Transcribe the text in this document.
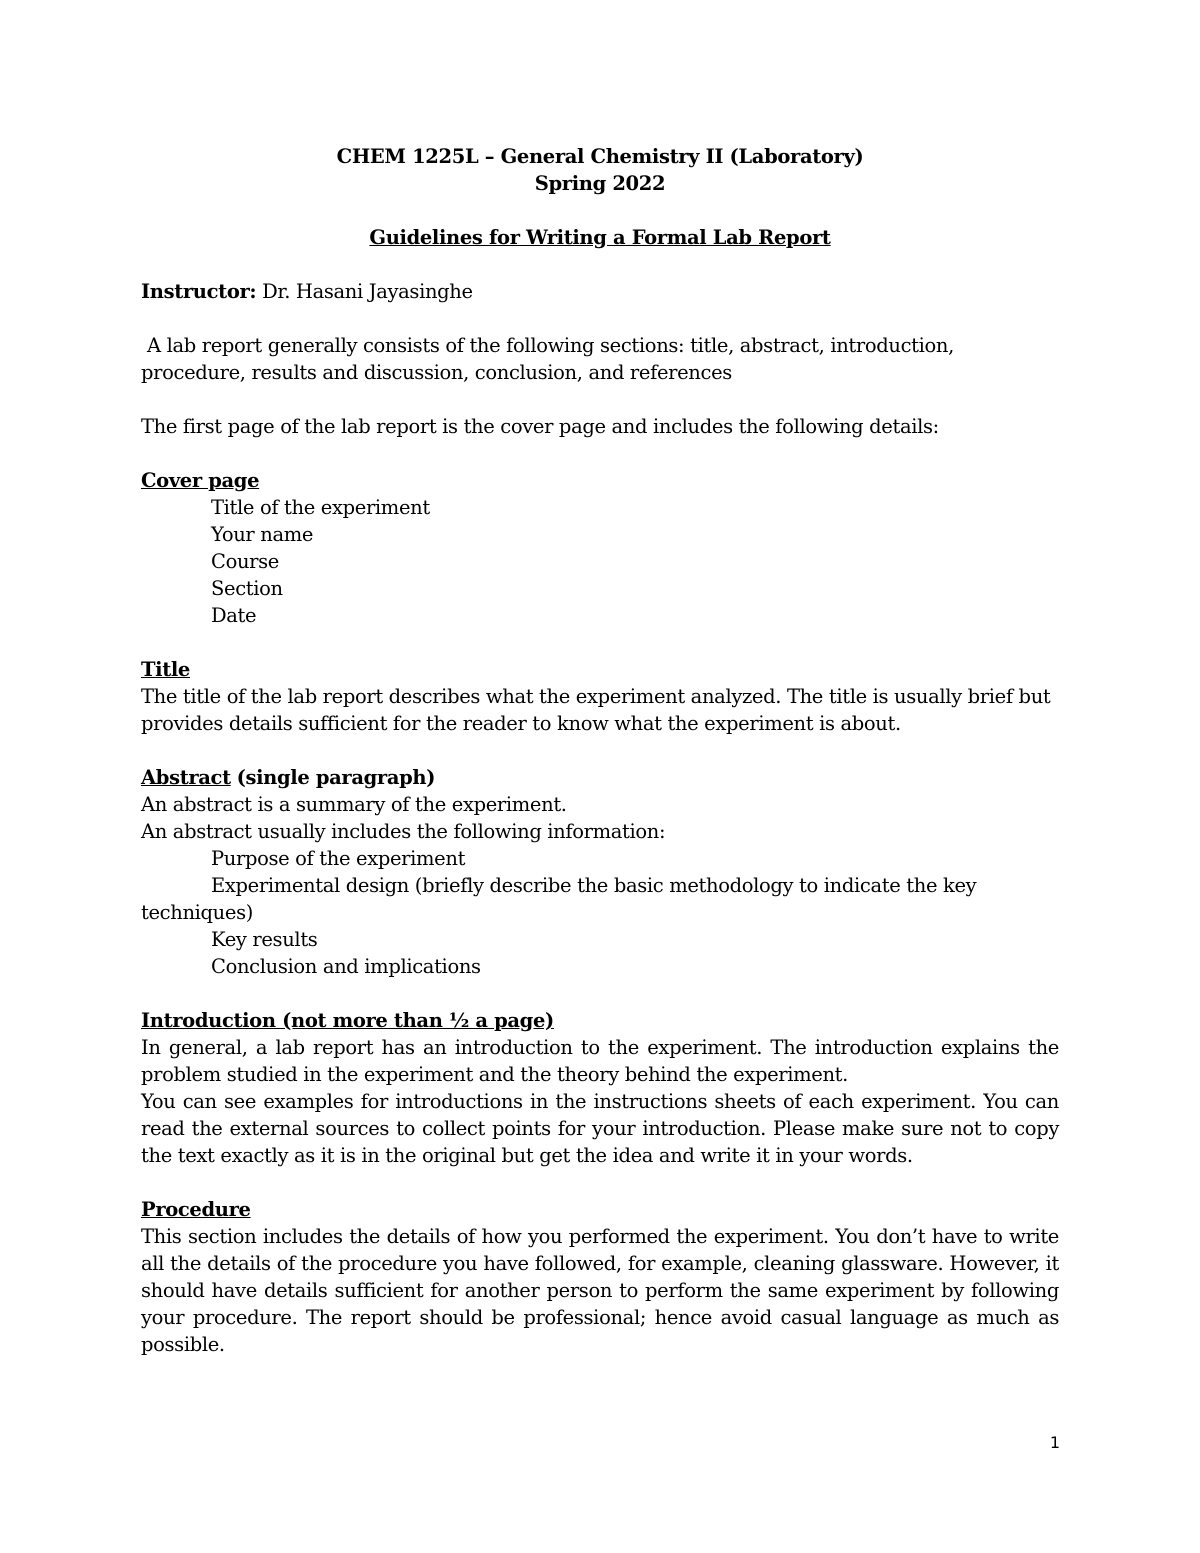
CHEM 1225L – General Chemistry II (Laboratory)
Spring 2022
Guidelines for Writing a Formal Lab Report
Instructor: Dr. Hasani Jayasinghe
A lab report generally consists of the following sections: title, abstract, introduction, procedure, results and discussion, conclusion, and references
The first page of the lab report is the cover page and includes the following details:
Cover page
Title of the experiment
Your name
Course
Section
Date
Title
The title of the lab report describes what the experiment analyzed. The title is usually brief but provides details sufficient for the reader to know what the experiment is about.
Abstract (single paragraph)
An abstract is a summary of the experiment.
An abstract usually includes the following information:
Purpose of the experiment
Experimental design (briefly describe the basic methodology to indicate the key techniques)
Key results
Conclusion and implications
Introduction (not more than ½ a page)
In general, a lab report has an introduction to the experiment. The introduction explains the problem studied in the experiment and the theory behind the experiment.
You can see examples for introductions in the instructions sheets of each experiment. You can read the external sources to collect points for your introduction. Please make sure not to copy the text exactly as it is in the original but get the idea and write it in your words.
Procedure
This section includes the details of how you performed the experiment. You don’t have to write all the details of the procedure you have followed, for example, cleaning glassware. However, it should have details sufficient for another person to perform the same experiment by following your procedure. The report should be professional; hence avoid casual language as much as possible.
1
